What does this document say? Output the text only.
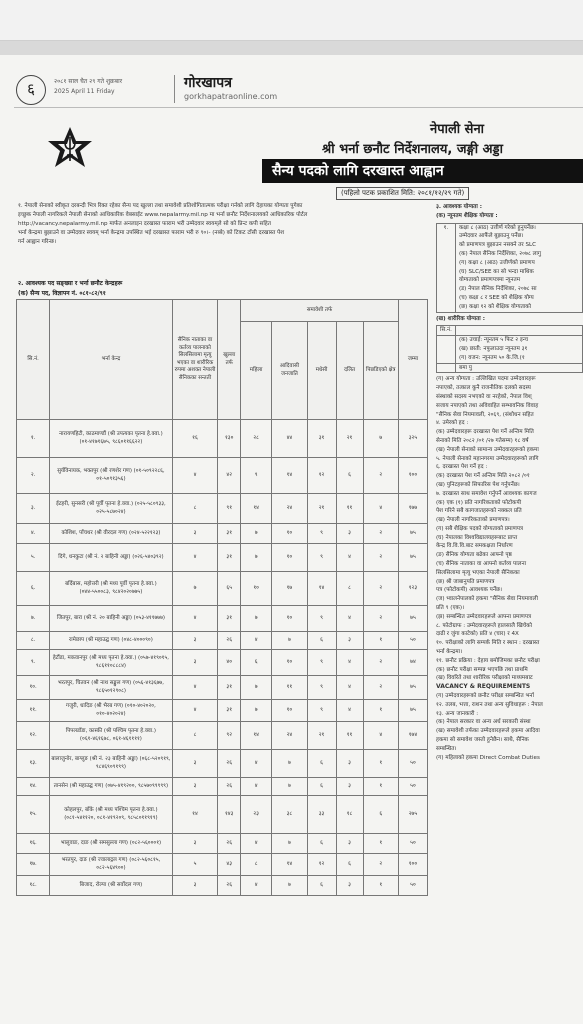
६	२०८१ साल चैत २९ गते शुक्रबार
2025 April 11 Friday
गोरखापत्र
gorkhapatraonline.com
नेपाली सेना
श्री भर्ना छनौट निर्देशनालय, जङ्गी अड्डा
सैन्य पदको लागि दरखास्त आह्वान
(पहिलो पटक प्रकाशित मिति: २०८१/१२/२९ गते)
१. नेपाली सेनाको स्वीकृत दरबन्दी भित्र रिक्त रहेका सैन्य पद खुल्ला तथा समावेशी प्रतिशोगितात्मक परीक्षा गर्नको लागि देहायका योग्यता पुगेका
इच्छुक नेपाली नागरिकले नेपाली सेनाको आधिकारिक वेबसाईट www.nepalarmy.mil.np मा भर्ना छनौट निर्देशनालयको आधिकारिक पोर्टल
http://vacancy.nepalarmy.mil.np मार्फत अनलाइन दरखास्त फाराम भरी उम्मेदवार स्वयम्‌ले सो को प्रिन्ट कपी सहित
भर्ना केन्द्रमा बुझाउने वा उम्मेदवार स्वयम्‌ भर्ना केन्द्रमा उपस्थित भई दरखास्त फाराम भरी रु ९०।- (नब्बे) को टिकट टाँसी दरखास्त पेश
गर्न आह्वान गरिन्छ।
२. आवश्यक पद सङ्ख्या र भर्ना छनौट केन्द्रहरू
(क) सैन्य पद, विज्ञापन नं. ०८१-८२/९१
सि.नं.	भर्ना केन्द्र	सैनिक नाताका वा कर्तव्य पालनाको सिलसिलामा मृत्यु भएका वा शारीरिक रुपमा अशक्त नेपाली सैनिकका सन्तती	खुल्ला तर्फ	समावेशी तर्फ					जम्मा
				महिला	आदिवासी जनजाति	मधेसी	दलित	पिछडिएको क्षेत्र	
१.	नारायणहिटी, काठमाण्डौं (श्री उपत्यका पृतना हे.क्वा.) (०१-४१७१६७५, ९८६०११६६२२)	१६	१३०	२८	४४	३१	२१	७	३२५
२.	सुर्यविनायक, भक्तपुर (श्री रणशेर गण) (०१-५०९२२८६, ०१-५०९१३५६)	४	४२	९	१४	१२	६	२	१००
३.	ईटहरी, सुनसरी (श्री पूर्वी पृतना हे.क्वा.) (०२५-५८०९३३, ०२५-५८७०२४)	८	९१	१४	२४	२१	११	४	१७७
४.	कोशिश, पाँचथर (श्री वीरदल गण) (०२४-५२२१२३)	३	३१	७	१०	९	३	२	७५
५.	दिगे, धनकुटा (श्री नं. २ बाहिनी अड्डा) (०२६-५४०३९२)	४	३१	७	१०	९	४	२	७५
६.	बर्दिबास, महोत्तरी (श्री मध्य पूर्वी पृतना हे.क्वा.) (०४४-५५००८३, ९८४२०२०७७५)	७	६५	१०	१७	१४	८	२	१२३
७.	जितपुर, बारा (श्री नं. २० बाहिनी अड्डा) (०५३-४११७७७)	४	३१	७	१०	९	४	२	७५
८.	रामेछाप (श्री महाउद्घ गण) (०४८-४०००९०)	३	२६	४	७	६	३	१	५०
९.	हेटौंडा, मकवानपुर (श्री मध्य पृतना हे.क्वा.) (०५७-४१९०१५, ९८६११०८८८४)	३	४०	६	१०	९	४	२	७४
१०.	भरतपुर, चितवन (श्री नाथ सङ्कुल गण) (०५६-४१३६७७, ९८६५०१२९०८)	४	३१	७	११	९	४	२	७५
११.	गजुरी, धादिङ (श्री भैरब गण) (०१०-४०२०२०, ०१०-४०२०२४)	४	३१	७	१०	९	४	१	७५
१२.	पिपलडाँडा, कास्की (श्री पश्चिम पृतना हे.क्वा.) (०६१-४६१६७८, ०६१-४६११११)	८	९२	१४	२४	२१	११	४	१७४
१३.	बालाजुनोर, बाग्लुङ (श्री नं. २३ बाहिनी अड्डा) (०६८-५२०९१९, ९८४६९०९१९९)	३	२६	४	७	६	३	१	५०
१४.	तानसेन (श्री महाउद्घ गण) (०७५-४१९२००, ९८५७०९९९९९)	३	२६	४	७	६	३	१	५०
१५.	कोहलपुर, बाँके (श्री मध्य पश्चिम पृतना हे.क्वा.) (०८१-५४११२०, ०८१-४१९२०९, ९८५८०११९१९)	१४	१४३	२३	३८	३३	१८	६	२७५
१६.	भालुवाङ, दाङ (श्री समसुल्ला गण) (०८२-५६०००१)	३	२६	४	७	६	३	१	५०
१७.	भरतपुर, दाङ (श्री ज्वालाद्गल गण) (०८२-५६०८१५, ०८२-५६४९००)	५	४३	८	१४	१२	६	२	१००
१८.	बिजाद, रोल्पा (श्री सर्वोदल गण)	३	२६	४	७	६	३	१	५०
३. आवश्यक योग्यता :
(क) न्यूनतम शैक्षिक योग्यता :
१.	कक्षा ८ (आठ) उत्तीर्ण गरेको हुनुपर्नेछ।
उम्मेदवार आफैंले बुझाउनु पर्नेछ।
को प्रमाणपत्र बुझाउन नसक्ने तर SLC
(क) नेपाल सैनिक निर्देशिका, २०७८ लागु
(ग) कक्षा ८ (आठ) उत्तीर्णको प्रमाणप
(घ) SLC/SEE का सो भन्दा माथिक
योग्यताको प्रमाणपत्रमा न्यूनतम
(ड) नेपाल सैनिक निर्देशिका, २०७८ सा
(च) कक्षा ८ र SEE को शैक्षिक योग्य
(छ) कक्षा १२ को शैक्षिक योग्यताको
(ख) शारीरिक योग्यता :
सि.नं.
(क) उचाई: न्यूनतम ५ फिट २ इन्च
(ख) छाती: नफुलाउदा न्यूनतम ३१
(ग) वजन: न्यूनतम ५० के.जि.(१
बमा पु
(ग) अन्य योग्यता : उल्लिखित पदमा उम्मेदवारहरू
नपाएको, तत्काल कुनै राजनीतिक दलको सदस्य
संस्थाको सदस्य नभएको वा नरहेको, नेपाल विश्
सजाय नपाएको तथा अविवाहित सम्भावनिक विवाह
"सैनिक सेवा नियमावली, २०६९, (संशोधन सहित
४. उमेरको हद :
(क) उम्मेदवारहरू दरखास्त पेश गर्ने अन्तिम मिति
सेनाको मिति २०८२ /०१ /२७ गतेसम्म) १८ वर्ष
(ख) नेपाली सेनाको सामान्य उम्मेदवारहरूको हकमा
५. नेपाली सेनाको महानगरमा उम्मेदवारहरूको लागि
६. दरखास्त पेश गर्ने हद :
(क) दरखास्त पेश गर्ने अन्तिम मिति २०८२ /०१
(ख) पुनिटहरूको सिफारिस पेश गर्नुपर्नेछ।
७. दरखास्त साथ समावेश गर्नुपर्ने आवश्यक कागज
(क) एक (१) प्रति नागरिकताको फोटोकपी
पेश गरिने सबै कागजातहरूको नक्कल प्रति
(ख) नेपाली नागरिकताको प्रमाणपत्र।
(ग) सबै शैक्षिक पदको योग्यताको प्रमाणपत्र
(घ) नेपालका विश्वविद्यालयहरूबाट प्राप्त
केन्द्र वि.वि.वि.बाट समकक्षता निर्धारण
(ङ) सैनिक योग्यता बढेका आफ्नो पृष्ठ
(च) सैनिक नाताका वा आफ्नो कर्तव्य पालना
सिलसिलामा मृत्यु भएका नेपाली सैनिकका
(छ) श्री जाबानुपति प्रमाणपत्र
पत्र (फोटोकपी) आवश्यक पर्नेछ।
(ज) भ्वालनेपालको हकमा "सैनिक सेवा नियमावली
प्रति ९ (एक)।
(झ) सम्बन्धित उम्मेदवारहरूले आफ्ना प्रमाणपत्र
८. फोटोग्राफ : उम्मेदवारहरूले हालसालै खिचेको
दाढी र जुंगा काटेको) प्रति ४ (चार) र 4X
१०. परीक्षाको लागि सम्पर्क मिति र स्थान : दरखास्त
भर्ना केन्द्रमा।
११. छनौट प्रक्रिया : देहाय बमोजिमका छनौट परीक्षा
(क) छनौट परीक्षा सम्पन्न भएपछि तथा प्राथमि
(ख) विवरिते तथा शारीरिक परीक्षाको माध्यमबाट
VACANCY & REQUIREMENTS
(ग) उम्मेदवारहरूको छनौट परीक्षा सम्बन्धित भर्ना
१२. तलब, भत्ता, राशन तथा अन्य सुविधाहरू : नेपाल
१३. अन्य जानकारी :
(क) नेपाल सरकार वा अन्य अर्ध सरकारी संस्था
(ख) समावेशी तर्फका उम्मेदवारहरूले हकमा आदिवा
हकमा सो समावेश जस्तो हुनेछैन। साथै, सैनिक
सम्बन्धित।
(ग) महिलाको हकमा Direct Combat Duties
